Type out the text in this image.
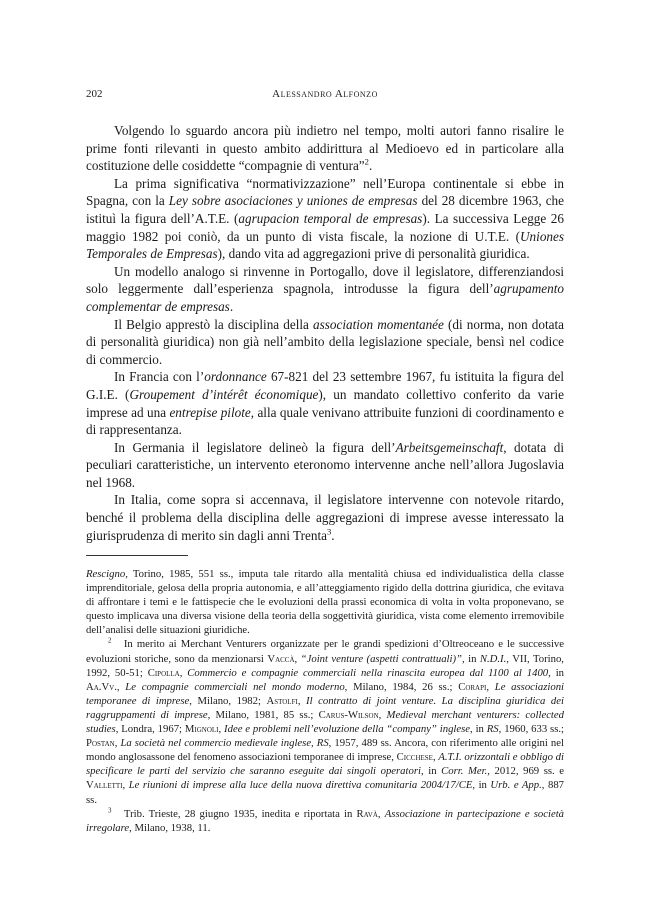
202	Alessandro Alfonzo

Volgendo lo sguardo ancora più indietro nel tempo, molti autori fanno risalire le prime fonti rilevanti in questo ambito addirittura al Medioevo ed in particolare alla costituzione delle cosiddette “compagnie di ventura”$^2$.

La prima significativa “normativizzazione” nell’Europa continentale si ebbe in Spagna, con la Ley sobre asociaciones y uniones de empresas del 28 dicembre 1963, che istituì la figura dell’A.T.E. (agrupacion temporal de empresas). La successiva Legge 26 maggio 1982 poi coniò, da un punto di vista fiscale, la nozione di U.T.E. (Uniones Temporales de Empresas), dando vita ad aggregazioni prive di personalità giuridica.

Un modello analogo si rinvenne in Portogallo, dove il legislatore, differenziandosi solo leggermente dall’esperienza spagnola, introdusse la figura dell’agrupamento complementar de empresas.

Il Belgio apprestò la disciplina della association momentanée (di norma, non dotata di personalità giuridica) non già nell’ambito della legislazione speciale, bensì nel codice di commercio.

In Francia con l’ordonnance 67-821 del 23 settembre 1967, fu istituita la figura del G.I.E. (Groupement d’intérêt économique), un mandato collettivo conferito da varie imprese ad una entrepise pilote, alla quale venivano attribuite funzioni di coordinamento e di rappresentanza.

In Germania il legislatore delineò la figura dell’Arbeitsgemeinschaft, dotata di peculiari caratteristiche, un intervento eteronomo intervenne anche nell’allora Jugoslavia nel 1968.

In Italia, come sopra si accennava, il legislatore intervenne con notevole ritardo, benché il problema della disciplina delle aggregazioni di imprese avesse interessato la giurisprudenza di merito sin dagli anni Trenta$^3$.

Rescigno, Torino, 1985, 551 ss., imputa tale ritardo alla mentalità chiusa ed individualistica della classe imprenditoriale, gelosa della propria autonomia, e all’atteggiamento rigido della dottrina giuridica, che evitava di affrontare i temi e le fattispecie che le evoluzioni della prassi economica di volta in volta proponevano, se questo implicava una diversa visione della teoria della soggettività giuridica, vista come elemento irremovibile dell’analisi delle situazioni giuridiche.

$^2$ In merito ai Merchant Venturers organizzate per le grandi spedizioni d’Oltreoceano e le successive evoluzioni storiche, sono da menzionarsi Vaccà, “Joint venture (aspetti contrattuali)”, in N.D.I., VII, Torino, 1992, 50-51; Cipolla, Commercio e compagnie commerciali nella rinascita europea dal 1100 al 1400, in Aa.Vv., Le compagnie commerciali nel mondo moderno, Milano, 1984, 26 ss.; Corapi, Le associazioni temporanee di imprese, Milano, 1982; Astolfi, Il contratto di joint venture. La disciplina giuridica dei raggruppamenti di imprese, Milano, 1981, 85 ss.; Carus-Wilson, Medieval merchant venturers: collected studies, Londra, 1967; Mignoli, Idee e problemi nell’evoluzione della “company” inglese, in RS, 1960, 633 ss.; Postan, La società nel commercio medievale inglese, RS, 1957, 489 ss. Ancora, con riferimento alle origini nel mondo anglosassone del fenomeno associazioni temporanee di imprese, Cicchese, A.T.I. orizzontali e obbligo di specificare le parti del servizio che saranno eseguite dai singoli operatori, in Corr. Mer., 2012, 969 ss. e Valletti, Le riunioni di imprese alla luce della nuova direttiva comunitaria 2004/17/CE, in Urb. e App., 887 ss.

$^3$ Trib. Trieste, 28 giugno 1935, inedita e riportata in Ravà, Associazione in partecipazione e società irregolare, Milano, 1938, 11.
